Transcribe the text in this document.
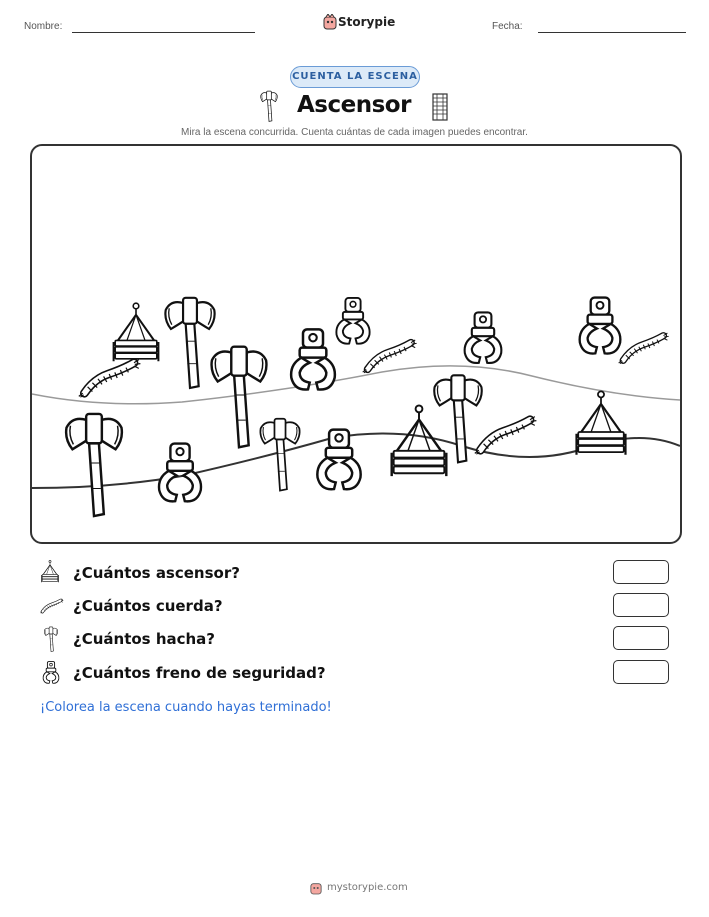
Nombre:	Storypie	Fecha:
CUENTA LA ESCENA
Ascensor
Mira la escena concurrida. Cuenta cuántas de cada imagen puedes encontrar.
¿Cuántos ascensor?
¿Cuántos cuerda?
¿Cuántos hacha?
¿Cuántos freno de seguridad?
¡Colorea la escena cuando hayas terminado!
mystorypie.com
